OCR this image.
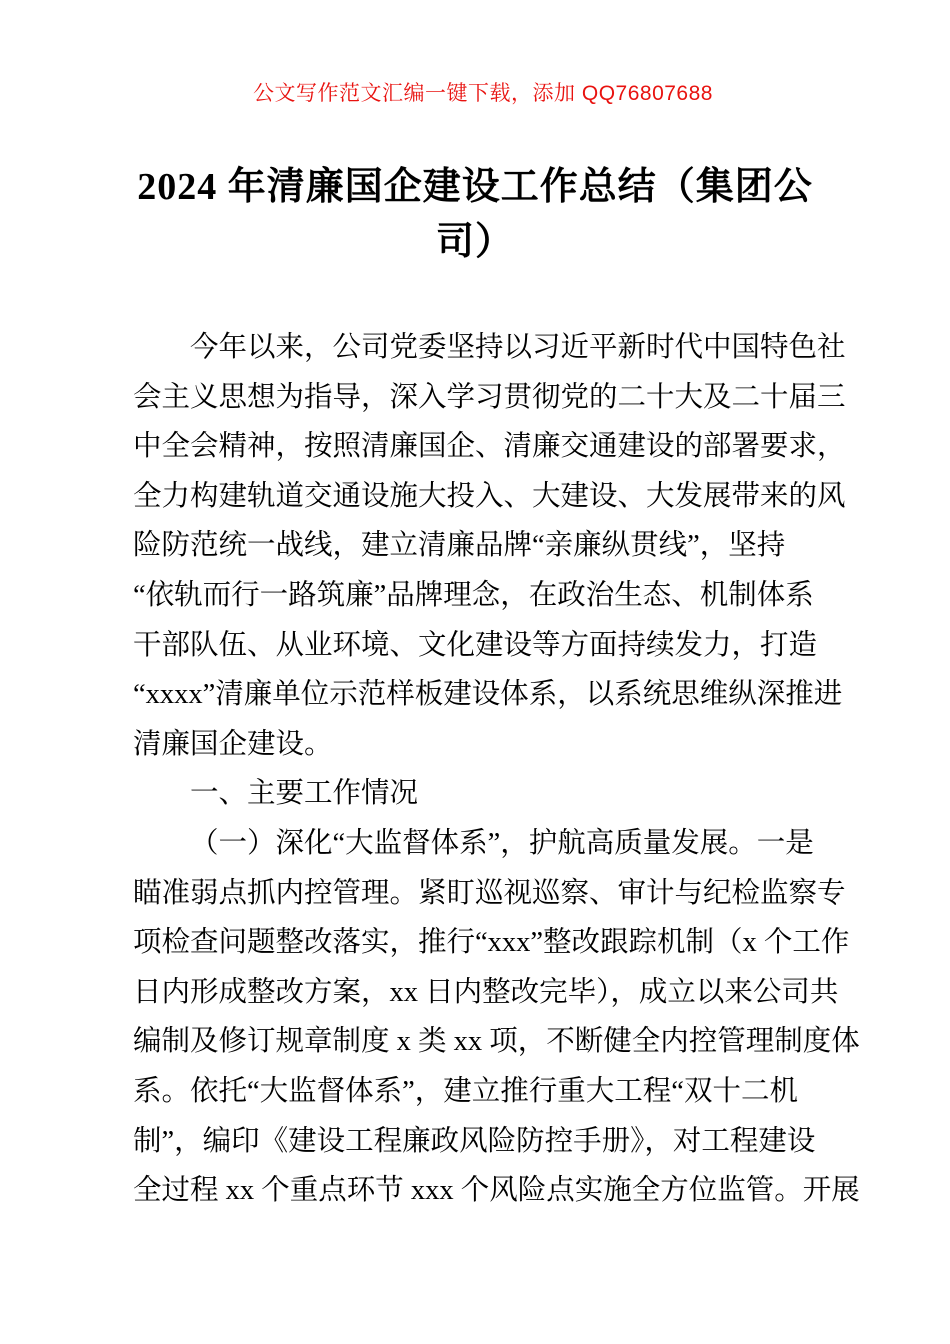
公文写作范文汇编一键下载，添加 QQ76807688
2024 年清廉国企建设工作总结（集团公
司）
今年以来，公司党委坚持以习近平新时代中国特色社
会主义思想为指导，深入学习贯彻党的二十大及二十届三
中全会精神，按照清廉国企、清廉交通建设的部署要求，
全力构建轨道交通设施大投入、大建设、大发展带来的风
险防范统一战线，建立清廉品牌“亲廉纵贯线”，坚持
“依轨而行一路筑廉”品牌理念，在政治生态、机制体系
干部队伍、从业环境、文化建设等方面持续发力，打造
“xxxx”清廉单位示范样板建设体系，以系统思维纵深推进
清廉国企建设。
一、主要工作情况
（一）深化“大监督体系”，护航高质量发展。一是
瞄准弱点抓内控管理。紧盯巡视巡察、审计与纪检监察专
项检查问题整改落实，推行“xxx”整改跟踪机制（x 个工作
日内形成整改方案，xx 日内整改完毕），成立以来公司共
编制及修订规章制度 x 类 xx 项，不断健全内控管理制度体
系。依托“大监督体系”，建立推行重大工程“双十二机
制”，编印《建设工程廉政风险防控手册》，对工程建设
全过程 xx 个重点环节 xxx 个风险点实施全方位监管。开展
